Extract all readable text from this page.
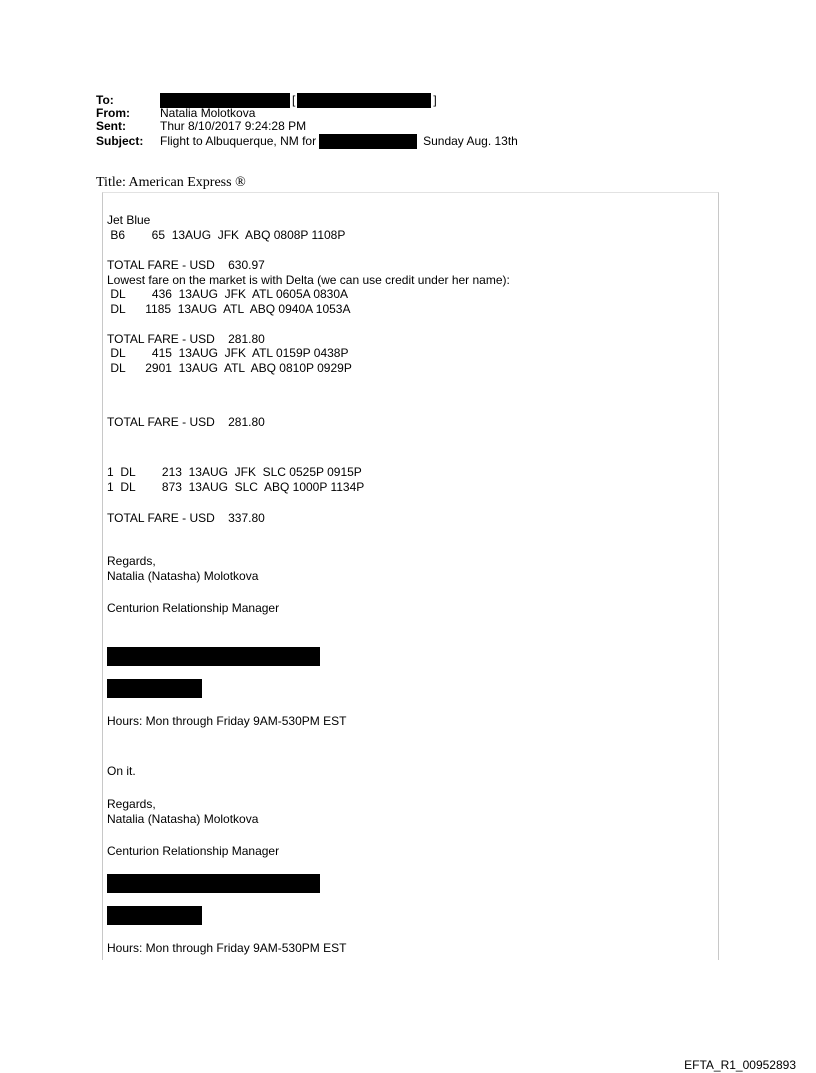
To:	[	]
From:	Natalia Molotkova
Sent:	Thur 8/10/2017 9:24:28 PM
Subject:	Flight to Albuquerque, NM for	Sunday Aug. 13th
Title: American Express ®

Jet Blue

B6        65  13AUG  JFK  ABQ 0808P 1108P

TOTAL FARE - USD    630.97

Lowest fare on the market is with Delta (we can use credit under her name):

DL        436  13AUG  JFK  ATL 0605A 0830A

DL      1185  13AUG  ATL  ABQ 0940A 1053A

TOTAL FARE - USD    281.80

DL        415  13AUG  JFK  ATL 0159P 0438P

DL      2901  13AUG  ATL  ABQ 0810P 0929P

TOTAL FARE - USD    281.80

1  DL        213  13AUG  JFK  SLC 0525P 0915P

1  DL        873  13AUG  SLC  ABQ 1000P 1134P

TOTAL FARE - USD    337.80

Regards,

Natalia (Natasha) Molotkova

Centurion Relationship Manager

Hours: Mon through Friday 9AM-530PM EST

On it.

Regards,

Natalia (Natasha) Molotkova

Centurion Relationship Manager

Hours: Mon through Friday 9AM-530PM EST

EFTA_R1_00952893
